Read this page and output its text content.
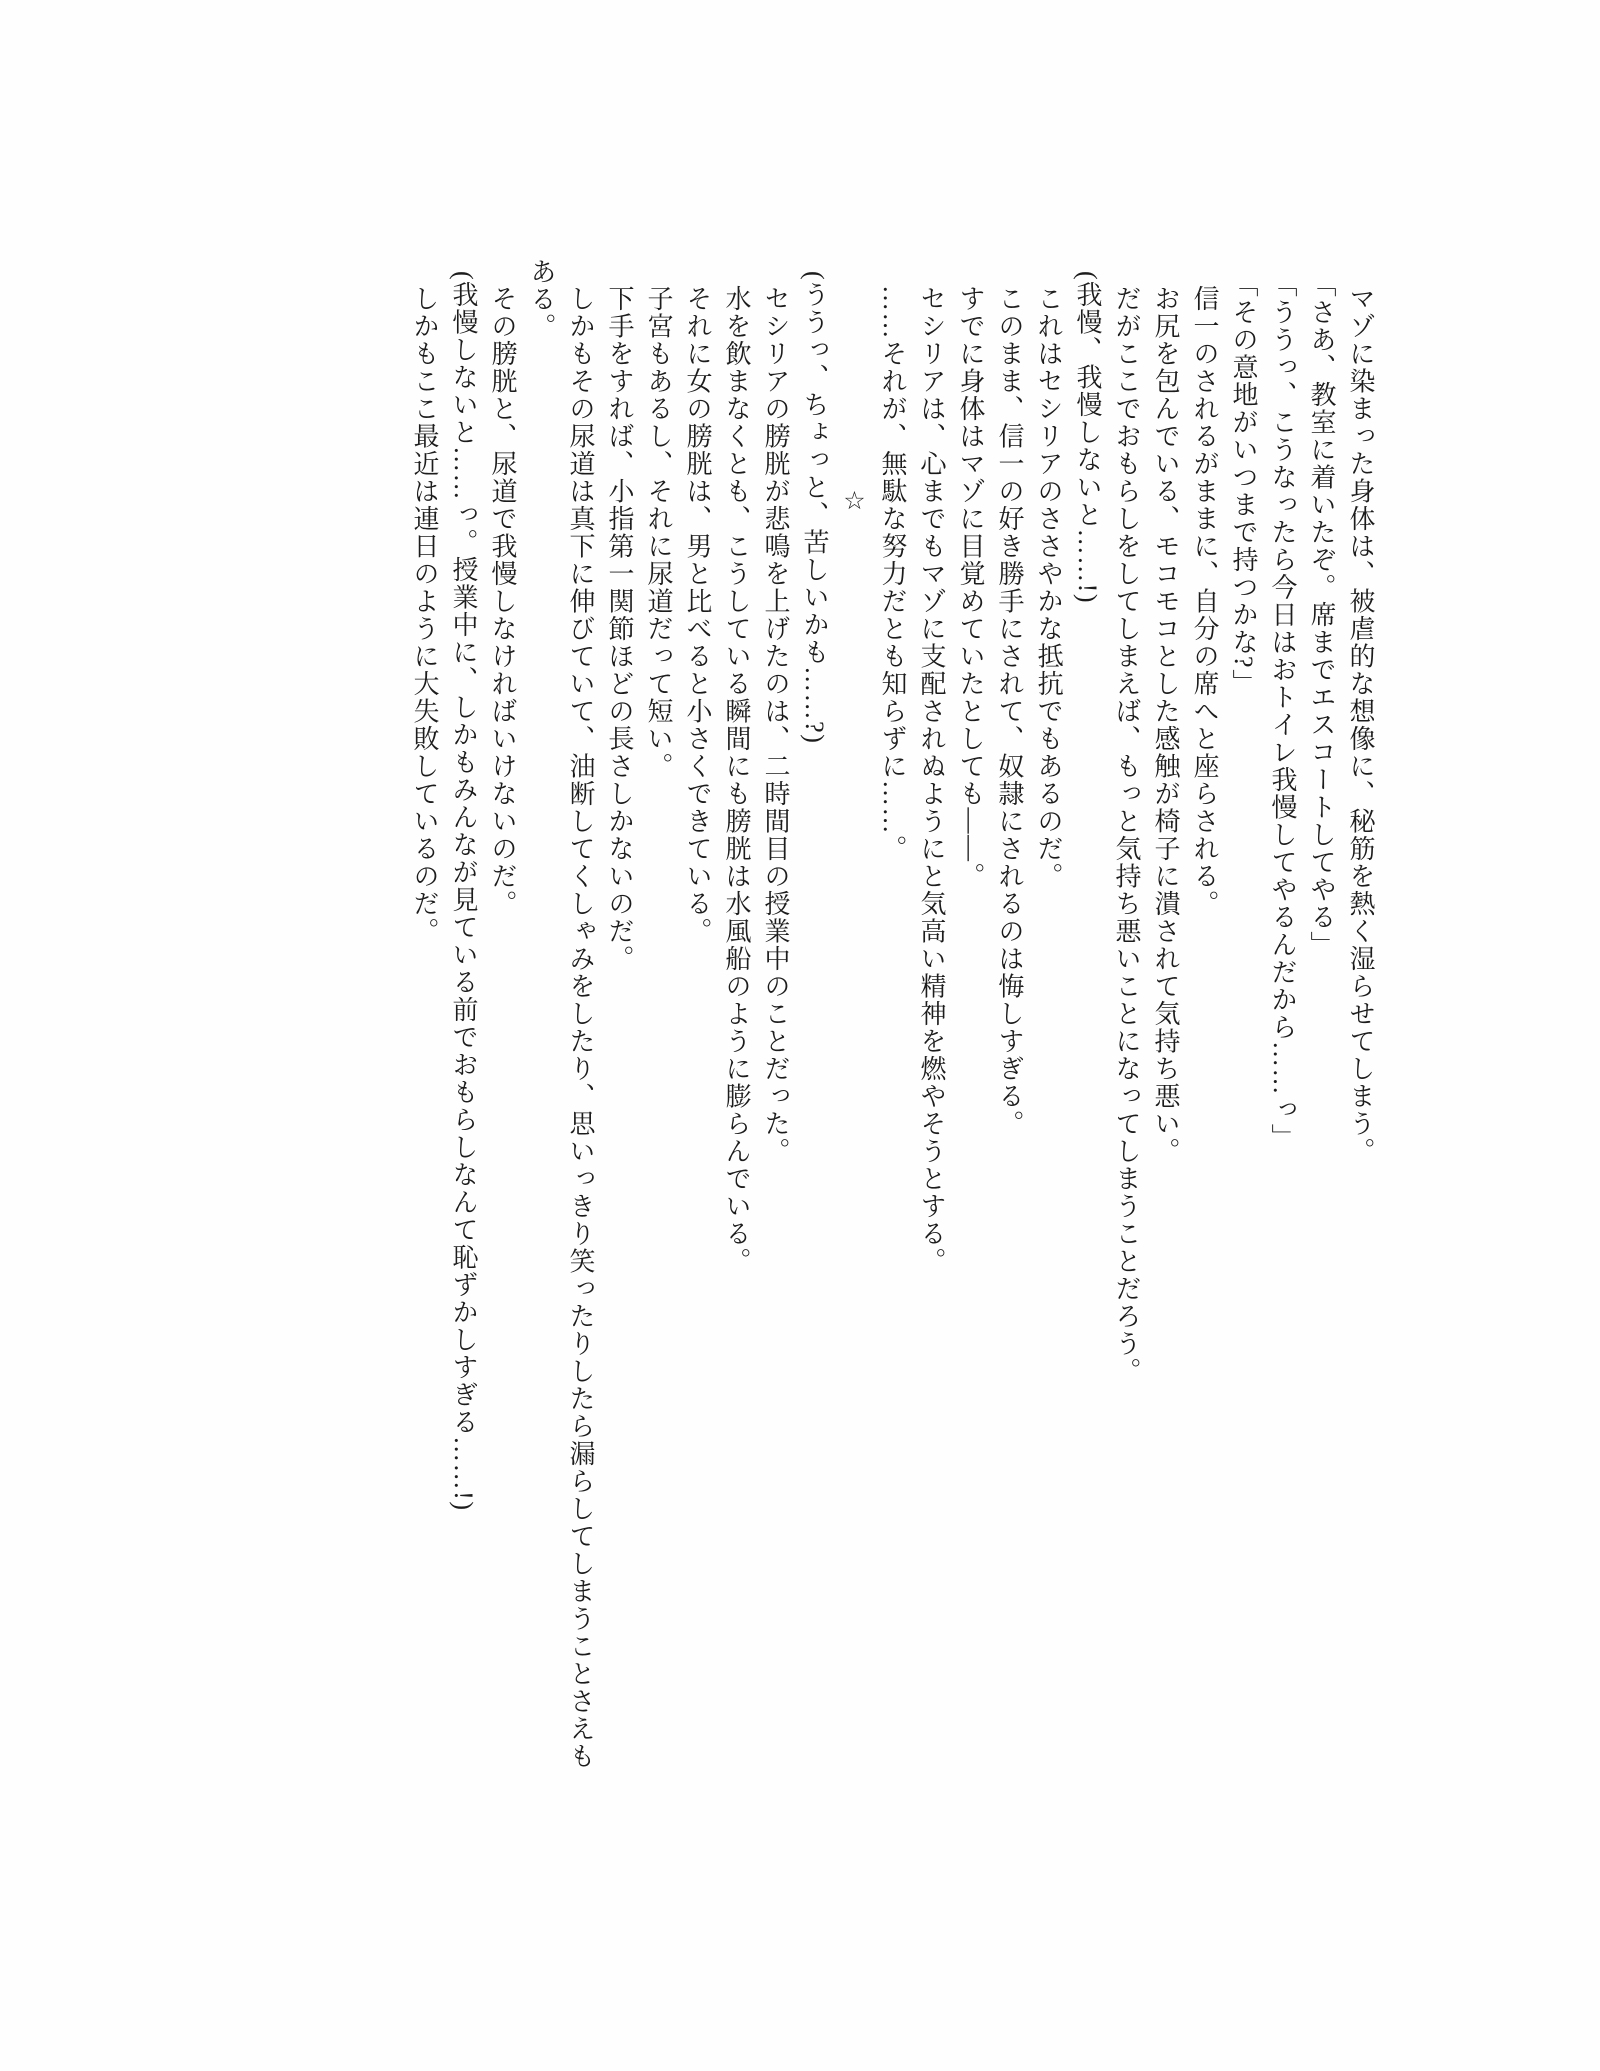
マゾに染まった身体は、被虐的な想像に、秘筋を熱く湿らせてしまう。

「さあ、教室に着いたぞ。席までエスコートしてやる」

「ううっ、こうなったら今日はおトイレ我慢してやるんだから……っ」

「その意地がいつまで持つかな?」

信一のされるがままに、自分の席へと座らされる。

お尻を包んでいる、モコモコとした感触が椅子に潰されて気持ち悪い。

だがここでおもらしをしてしまえば、もっと気持ち悪いことになってしまうことだろう。

(我慢、我慢しないと……!)

これはセシリアのささやかな抵抗でもあるのだ。

このまま、信一の好き勝手にされて、奴隷にされるのは悔しすぎる。

すでに身体はマゾに目覚めていたとしても――。

セシリアは、心までもマゾに支配されぬようにと気高い精神を燃やそうとする。

……それが、無駄な努力だとも知らずに……。

☆

(ううっ、ちょっと、苦しいかも……?)

セシリアの膀胱が悲鳴を上げたのは、二時間目の授業中のことだった。

水を飲まなくとも、こうしている瞬間にも膀胱は水風船のように膨らんでいる。

それに女の膀胱は、男と比べると小さくできている。

子宮もあるし、それに尿道だって短い。

下手をすれば、小指第一関節ほどの長さしかないのだ。

しかもその尿道は真下に伸びていて、油断してくしゃみをしたり、思いっきり笑ったりしたら漏らしてしまうことさえも

ある。

その膀胱と、尿道で我慢しなければいけないのだ。

(我慢しないと……っ。授業中に、しかもみんなが見ている前でおもらしなんて恥ずかしすぎる……!)

しかもここ最近は連日のように大失敗しているのだ。
